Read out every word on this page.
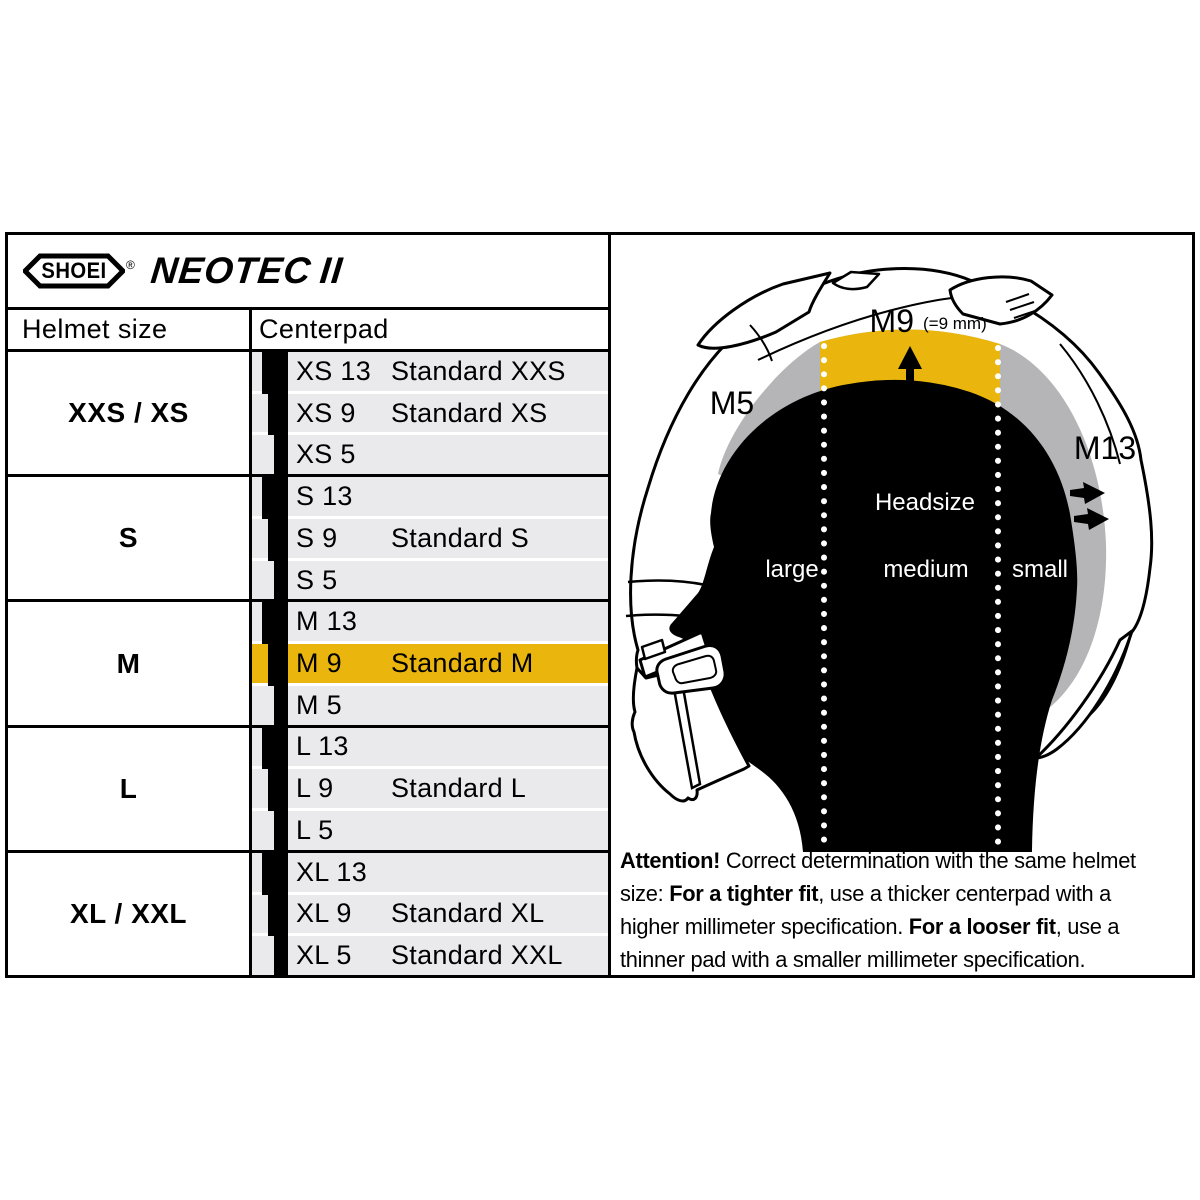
SHOEI	® NEOTEC II
Helmet size	Centerpad
XXS / XS
XS 13 Standard XXS
XS 9	Standard XS
XS 5
S
S 13
S 9	Standard S
S 5
M
M 13
M 9	Standard M
M 5
L
L 13
L 9	Standard L
L 5
XL / XXL
XL 13
XL 9	Standard XL
XL 5	Standard XXL
M9 (=9 mm)
M5
M13
Headsize
large	medium small
Attention! Correct determination with the same helmet
size: For a tighter fit, use a thicker centerpad with a
higher millimeter specification. For a looser fit, use a
thinner pad with a smaller millimeter specification.
